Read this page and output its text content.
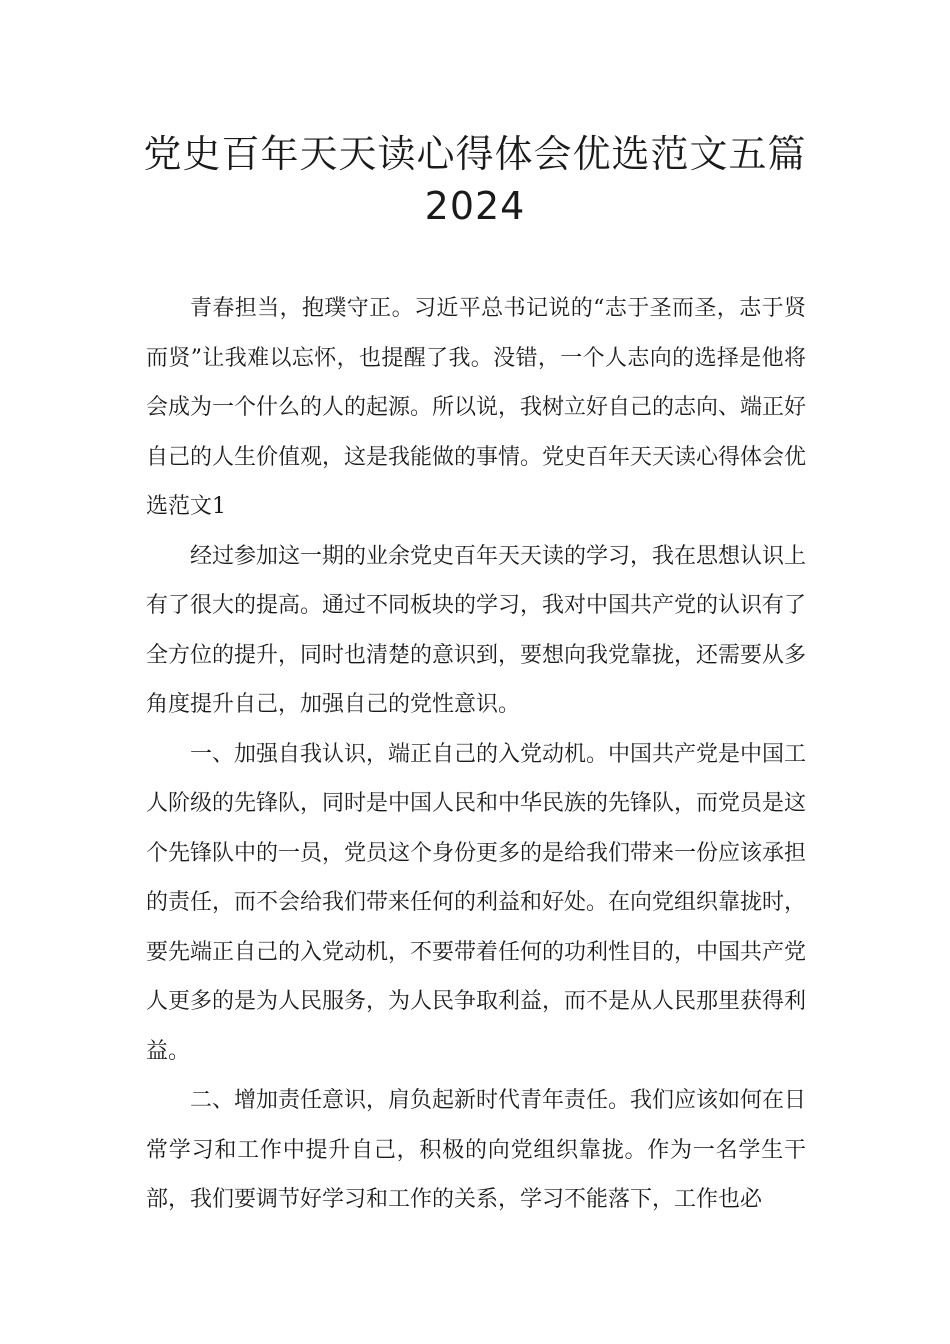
党史百年天天读心得体会优选范文五篇
2024

青春担当，抱璞守正。习近平总书记说的“志于圣而圣，志于贤而贤”让我难以忘怀，也提醒了我。没错，一个人志向的选择是他将会成为一个什么的人的起源。所以说，我树立好自己的志向、端正好自己的人生价值观，这是我能做的事情。党史百年天天读心得体会优选范文1

经过参加这一期的业余党史百年天天读的学习，我在思想认识上有了很大的提高。通过不同板块的学习，我对中国共产党的认识有了全方位的提升，同时也清楚的意识到，要想向我党靠拢，还需要从多角度提升自己，加强自己的党性意识。

一、加强自我认识，端正自己的入党动机。中国共产党是中国工人阶级的先锋队，同时是中国人民和中华民族的先锋队，而党员是这个先锋队中的一员，党员这个身份更多的是给我们带来一份应该承担的责任，而不会给我们带来任何的利益和好处。在向党组织靠拢时，要先端正自己的入党动机，不要带着任何的功利性目的，中国共产党人更多的是为人民服务，为人民争取利益，而不是从人民那里获得利益。

二、增加责任意识，肩负起新时代青年责任。我们应该如何在日常学习和工作中提升自己，积极的向党组织靠拢。作为一名学生干部，我们要调节好学习和工作的关系，学习不能落下，工作也必
